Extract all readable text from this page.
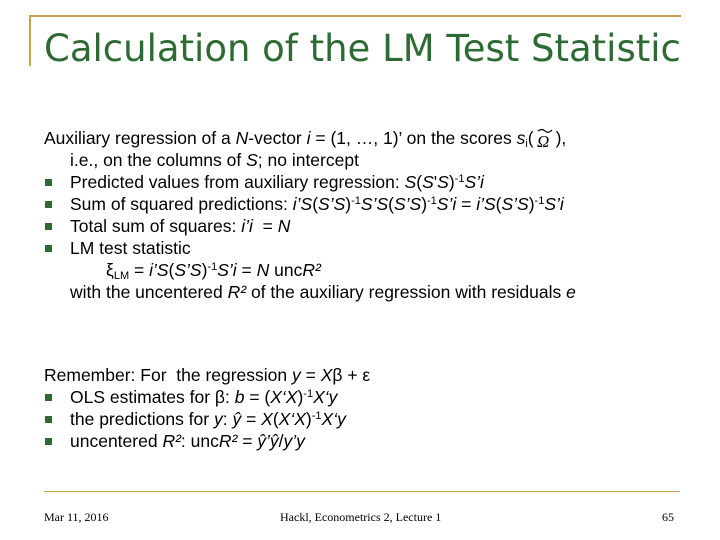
Calculation of the LM Test Statistic
Auxiliary regression of a N-vector i = (1, …, 1)’ on the scores $s_i$( Ω ),
i.e., on the columns of S; no intercept
Predicted values from auxiliary regression: $S(S'S)^{-1}S’i$
Sum of squared predictions: i’S(S’S)$^{-1}$S’S(S’S)$^{-1}$S’i = i’S(S’S)$^{-1}$S’i
Total sum of squares: i’i  = N
LM test statistic
$\xi_{LM}$ = i’S(S’S)$^{-1}$S’i = N uncR²
with the uncentered R² of the auxiliary regression with residuals e
Remember: For  the regression y = Xβ + ε
OLS estimates for β: b = (X‘X)$^{-1}$X‘y
the predictions for y: ŷ = X(X‘X)$^{-1}$X‘y
uncentered R²: uncR² = ŷ’ŷ/y’y
Mar 11, 2016	Hackl, Econometrics 2, Lecture 1	65
